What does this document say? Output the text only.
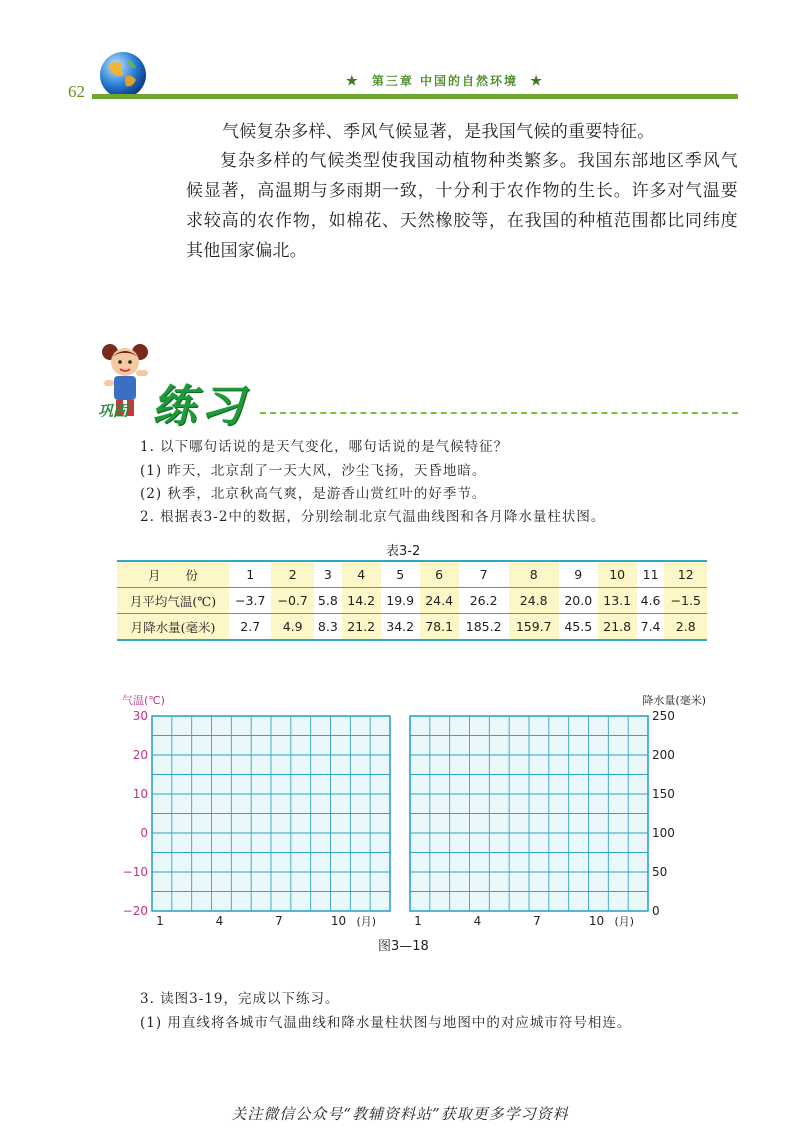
62
★ 第三章 中国的自然环境 ★
气候复杂多样、季风气候显著，是我国气候的重要特征。
复杂多样的气候类型使我国动植物种类繁多。我国东部地区季风气候显著，高温期与多雨期一致，十分利于农作物的生长。许多对气温要求较高的农作物，如棉花、天然橡胶等，在我国的种植范围都比同纬度其他国家偏北。
巩固 练习
1. 以下哪句话说的是天气变化，哪句话说的是气候特征？
(1) 昨天，北京刮了一天大风，沙尘飞扬，天昏地暗。
(2) 秋季，北京秋高气爽，是游香山赏红叶的好季节。
2. 根据表3-2中的数据，分别绘制北京气温曲线图和各月降水量柱状图。
表3-2
月　　份	1	2	3	4	5	6	7	8	9	10	11	12
月平均气温(℃)	−3.7	−0.7	5.8	14.2	19.9	24.4	26.2	24.8	20.0	13.1	4.6	−1.5
月降水量(毫米)	2.7	4.9	8.3	21.2	34.2	78.1	185.2	159.7	45.5	21.8	7.4	2.8
1	4	7	10 (月)	1	4	7	10 (月)
气温(℃)
30
20
10
0
−10
−20
降水量(毫米)
250
200
150
100
50
0
图3—18
3. 读图3-19，完成以下练习。
(1) 用直线将各城市气温曲线和降水量柱状图与地图中的对应城市符号相连。
关注微信公众号“教辅资料站”获取更多学习资料
